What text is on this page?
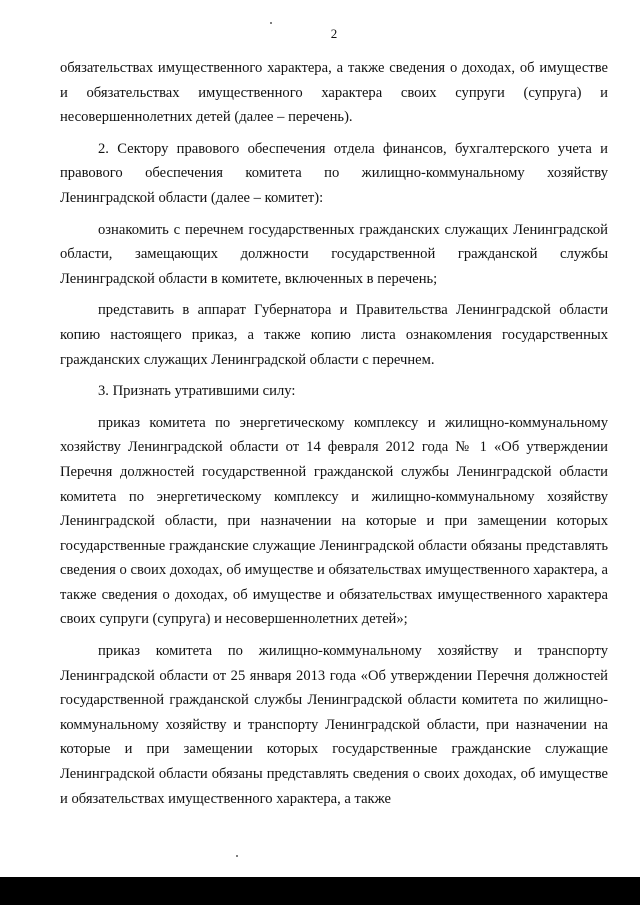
2

обязательствах имущественного характера, а также сведения о доходах, об имуществе и обязательствах имущественного характера своих супруги (супруга) и несовершеннолетних детей (далее – перечень).

2. Сектору правового обеспечения отдела финансов, бухгалтерского учета и правового обеспечения комитета по жилищно-коммунальному хозяйству Ленинградской области (далее – комитет):

ознакомить с перечнем государственных гражданских служащих Ленинградской области, замещающих должности государственной гражданской службы Ленинградской области в комитете, включенных в перечень;

представить в аппарат Губернатора и Правительства Ленинградской области копию настоящего приказ, а также копию листа ознакомления государственных гражданских служащих Ленинградской области с перечнем.

3. Признать утратившими силу:

приказ комитета по энергетическому комплексу и жилищно-коммунальному хозяйству Ленинградской области от 14 февраля 2012 года № 1 «Об утверждении Перечня должностей государственной гражданской службы Ленинградской области комитета по энергетическому комплексу и жилищно-коммунальному хозяйству Ленинградской области, при назначении на которые и при замещении которых государственные гражданские служащие Ленинградской области обязаны представлять сведения о своих доходах, об имуществе и обязательствах имущественного характера, а также сведения о доходах, об имуществе и обязательствах имущественного характера своих супруги (супруга) и несовершеннолетних детей»;

приказ комитета по жилищно-коммунальному хозяйству и транспорту Ленинградской области от 25 января 2013 года «Об утверждении Перечня должностей государственной гражданской службы Ленинградской области комитета по жилищно-коммунальному хозяйству и транспорту Ленинградской области, при назначении на которые и при замещении которых государственные гражданские служащие Ленинградской области обязаны представлять сведения о своих доходах, об имуществе и обязательствах имущественного характера, а также
